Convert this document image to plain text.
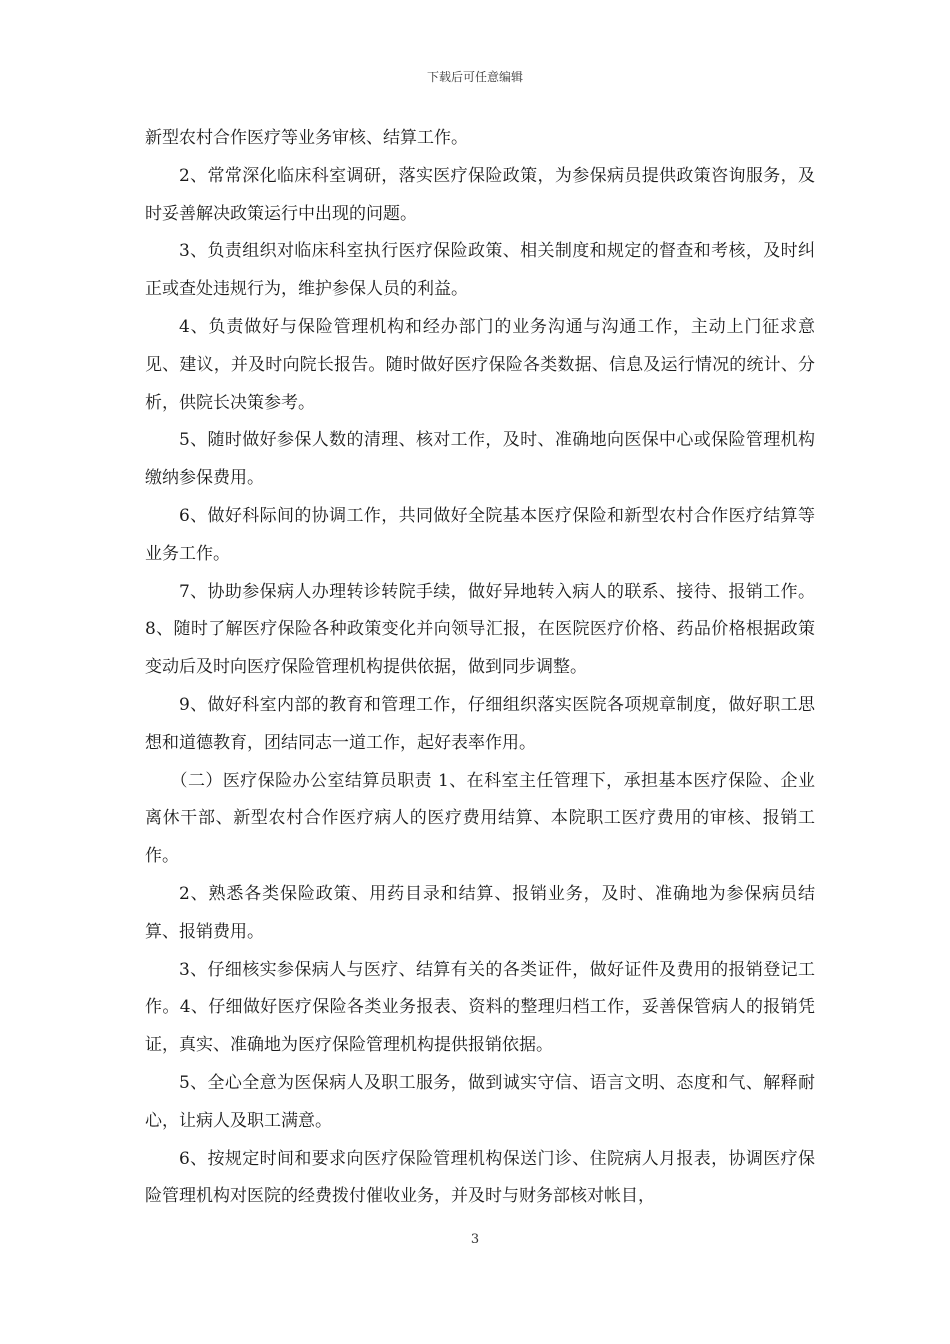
下载后可任意编辑

新型农村合作医疗等业务审核、结算工作。

2、常常深化临床科室调研，落实医疗保险政策，为参保病员提供政策咨询服务，及时妥善解决政策运行中出现的问题。

3、负责组织对临床科室执行医疗保险政策、相关制度和规定的督查和考核，及时纠正或查处违规行为，维护参保人员的利益。

4、负责做好与保险管理机构和经办部门的业务沟通与沟通工作，主动上门征求意见、建议，并及时向院长报告。随时做好医疗保险各类数据、信息及运行情况的统计、分析，供院长决策参考。

5、随时做好参保人数的清理、核对工作，及时、准确地向医保中心或保险管理机构缴纳参保费用。

6、做好科际间的协调工作，共同做好全院基本医疗保险和新型农村合作医疗结算等业务工作。

7、协助参保病人办理转诊转院手续，做好异地转入病人的联系、接待、报销工作。8、随时了解医疗保险各种政策变化并向领导汇报，在医院医疗价格、药品价格根据政策变动后及时向医疗保险管理机构提供依据，做到同步调整。

9、做好科室内部的教育和管理工作，仔细组织落实医院各项规章制度，做好职工思想和道德教育，团结同志一道工作，起好表率作用。

（二）医疗保险办公室结算员职责 1、在科室主任管理下，承担基本医疗保险、企业离休干部、新型农村合作医疗病人的医疗费用结算、本院职工医疗费用的审核、报销工作。

2、熟悉各类保险政策、用药目录和结算、报销业务，及时、准确地为参保病员结算、报销费用。

3、仔细核实参保病人与医疗、结算有关的各类证件，做好证件及费用的报销登记工作。4、仔细做好医疗保险各类业务报表、资料的整理归档工作，妥善保管病人的报销凭证，真实、准确地为医疗保险管理机构提供报销依据。

5、全心全意为医保病人及职工服务，做到诚实守信、语言文明、态度和气、解释耐心，让病人及职工满意。

6、按规定时间和要求向医疗保险管理机构保送门诊、住院病人月报表，协调医疗保险管理机构对医院的经费拨付催收业务，并及时与财务部核对帐目，

3
